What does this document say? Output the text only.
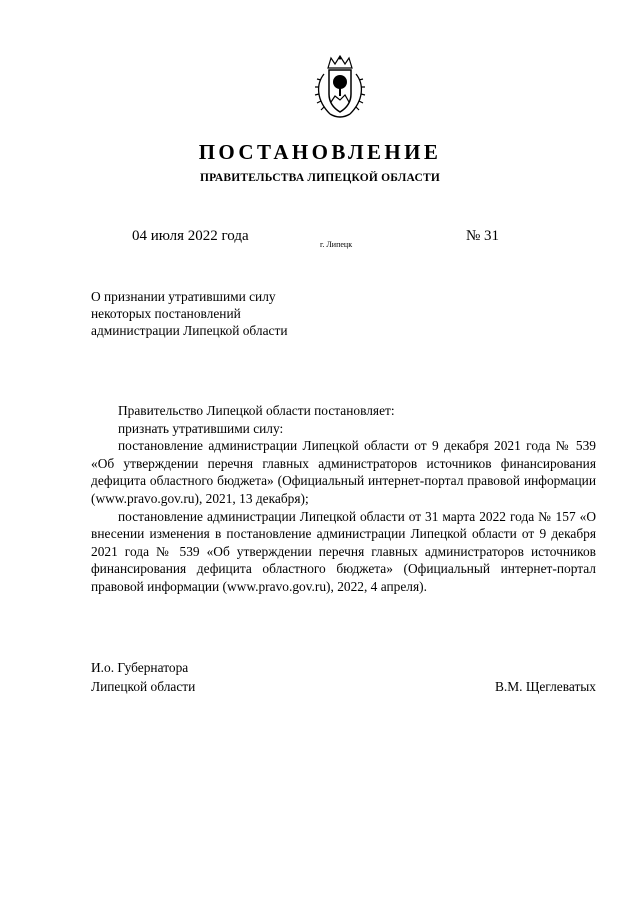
ПОСТАНОВЛЕНИЕ
ПРАВИТЕЛЬСТВА ЛИПЕЦКОЙ ОБЛАСТИ
04 июля 2022 года
г. Липецк
№ 31
О признании утратившими силу
некоторых постановлений
администрации Липецкой области

Правительство Липецкой области постановляет:

признать утратившими силу:

постановление администрации Липецкой области от 9 декабря 2021 года № 539 «Об утверждении перечня главных администраторов источников финансирования дефицита областного бюджета» (Официальный интернет-портал правовой информации (www.pravo.gov.ru), 2021, 13 декабря);

постановление администрации Липецкой области от 31 марта 2022 года № 157 «О внесении изменения в постановление администрации Липецкой области от 9 декабря 2021 года № 539 «Об утверждении перечня главных администраторов источников финансирования дефицита областного бюджета» (Официальный интернет-портал правовой информации (www.pravo.gov.ru), 2022, 4 апреля).

И.о. Губернатора
Липецкой области	В.М. Щеглеватых
